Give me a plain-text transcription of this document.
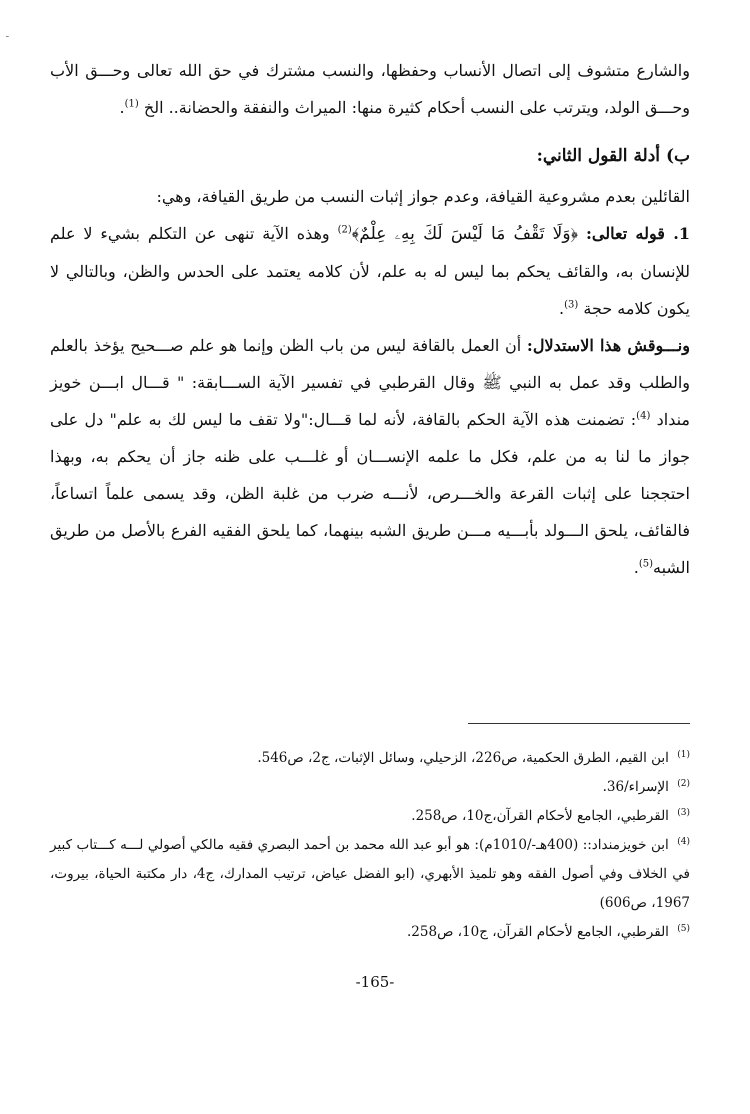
ـ

والشارع متشوف إلى اتصال الأنساب وحفظها، والنسب مشترك في حق الله تعالى وحـــق الأب وحـــق الولد، ويترتب على النسب أحكام كثيرة منها: الميراث والنفقة والحضانة.. الخ $^{(1)}$.

ب) أدلة القول الثاني:

القائلين بعدم مشروعية القيافة، وعدم جواز إثبات النسب من طريق القيافة، وهي:

1. قوله تعالى: ﴿وَلَا تَقْفُ مَا لَيْسَ لَكَ بِهِۦ عِلْمٌ﴾$^{(2)}$ وهذه الآية تنهى عن التكلم بشيء لا علم للإنسان به، والقائف يحكم بما ليس له به علم، لأن كلامه يعتمد على الحدس والظن، وبالتالي لا يكون كلامه حجة $^{(3)}$.

ونـــوقش هذا الاستدلال: أن العمل بالقافة ليس من باب الظن وإنما هو علم صـــحيح يؤخذ بالعلم والطلب وقد عمل به النبي ﷺ وقال القرطبي في تفسير الآية الســـابقة: " قـــال ابـــن خويز منداد $^{(4)}$: تضمنت هذه الآية الحكم بالقافة، لأنه لما قـــال:"ولا تقف ما ليس لك به علم" دل على جواز ما لنا به من علم، فكل ما علمه الإنســـان أو غلـــب على ظنه جاز أن يحكم به، وبهذا احتججنا على إثبات القرعة والخـــرص، لأنـــه ضرب من غلبة الظن، وقد يسمى علماً اتساعاً، فالقائف، يلحق الـــولد بأبـــيه مـــن طريق الشبه بينهما، كما يلحق الفقيه الفرع بالأصل من طريق الشبه$^{(5)}$.

$^{(1)}$ ابن القيم، الطرق الحكمية، ص226، الزحيلي، وسائل الإثبات، ج2، ص546.

$^{(2)}$ الإسراء/36.

$^{(3)}$ القرطبي، الجامع لأحكام القرآن،ج10، ص258.

$^{(4)}$ ابن خويزمنداد:: (400هـ-/1010م): هو أبو عبد الله محمد بن أحمد البصري فقيه مالكي أصولي لـــه كـــتاب كبير في الخلاف وفي أصول الفقه وهو تلميذ الأبهري، (ابو الفضل عياض، ترتيب المدارك، ج4، دار مكتبة الحياة، بيروت، 1967، ص606)

$^{(5)}$ القرطبي، الجامع لأحكام القرآن، ج10، ص258.

-165-
